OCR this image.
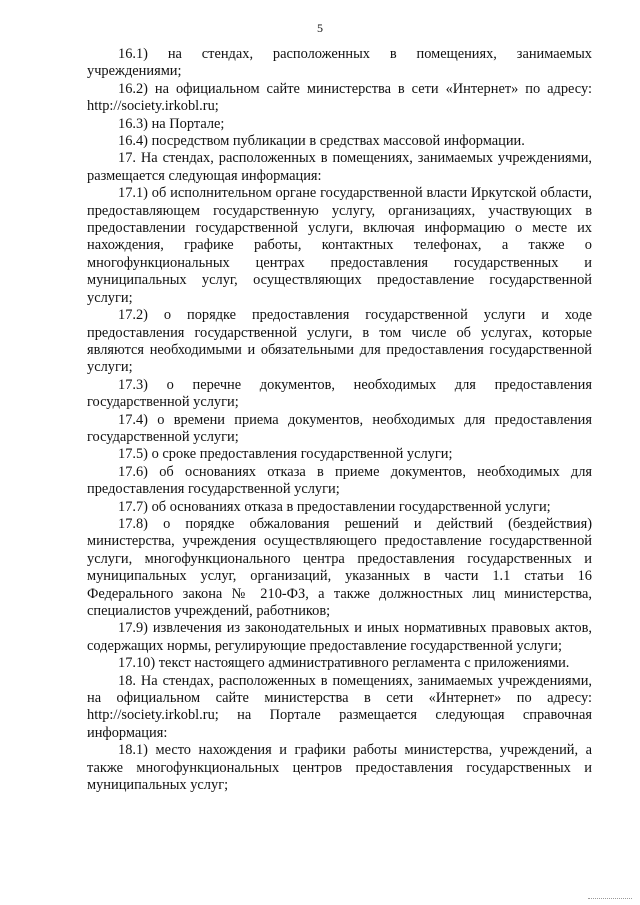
5

16.1) на стендах, расположенных в помещениях, занимаемых учреждениями;

16.2) на официальном сайте министерства в сети «Интернет» по адресу: http://society.irkobl.ru;

16.3) на Портале;

16.4) посредством публикации в средствах массовой информации.

17. На стендах, расположенных в помещениях, занимаемых учреждениями, размещается следующая информация:

17.1) об исполнительном органе государственной власти Иркутской области, предоставляющем государственную услугу, организациях, участвующих в предоставлении государственной услуги, включая информацию о месте их нахождения, графике работы, контактных телефонах, а также о многофункциональных центрах предоставления государственных и муниципальных услуг, осуществляющих предоставление государственной услуги;

17.2) о порядке предоставления государственной услуги и ходе предоставления государственной услуги, в том числе об услугах, которые являются необходимыми и обязательными для предоставления государственной услуги;

17.3) о перечне документов, необходимых для предоставления государственной услуги;

17.4) о времени приема документов, необходимых для предоставления государственной услуги;

17.5) о сроке предоставления государственной услуги;

17.6) об основаниях отказа в приеме документов, необходимых для предоставления государственной услуги;

17.7) об основаниях отказа в предоставлении государственной услуги;

17.8) о порядке обжалования решений и действий (бездействия) министерства, учреждения осуществляющего предоставление государственной услуги, многофункционального центра предоставления государственных и муниципальных услуг, организаций, указанных в части 1.1 статьи 16 Федерального закона № 210-ФЗ, а также должностных лиц министерства, специалистов учреждений, работников;

17.9) извлечения из законодательных и иных нормативных правовых актов, содержащих нормы, регулирующие предоставление государственной услуги;

17.10) текст настоящего административного регламента с приложениями.

18. На стендах, расположенных в помещениях, занимаемых учреждениями, на официальном сайте министерства в сети «Интернет» по адресу: http://society.irkobl.ru; на Портале размещается следующая справочная информация:

18.1) место нахождения и графики работы министерства, учреждений, а также многофункциональных центров предоставления государственных и муниципальных услуг;
